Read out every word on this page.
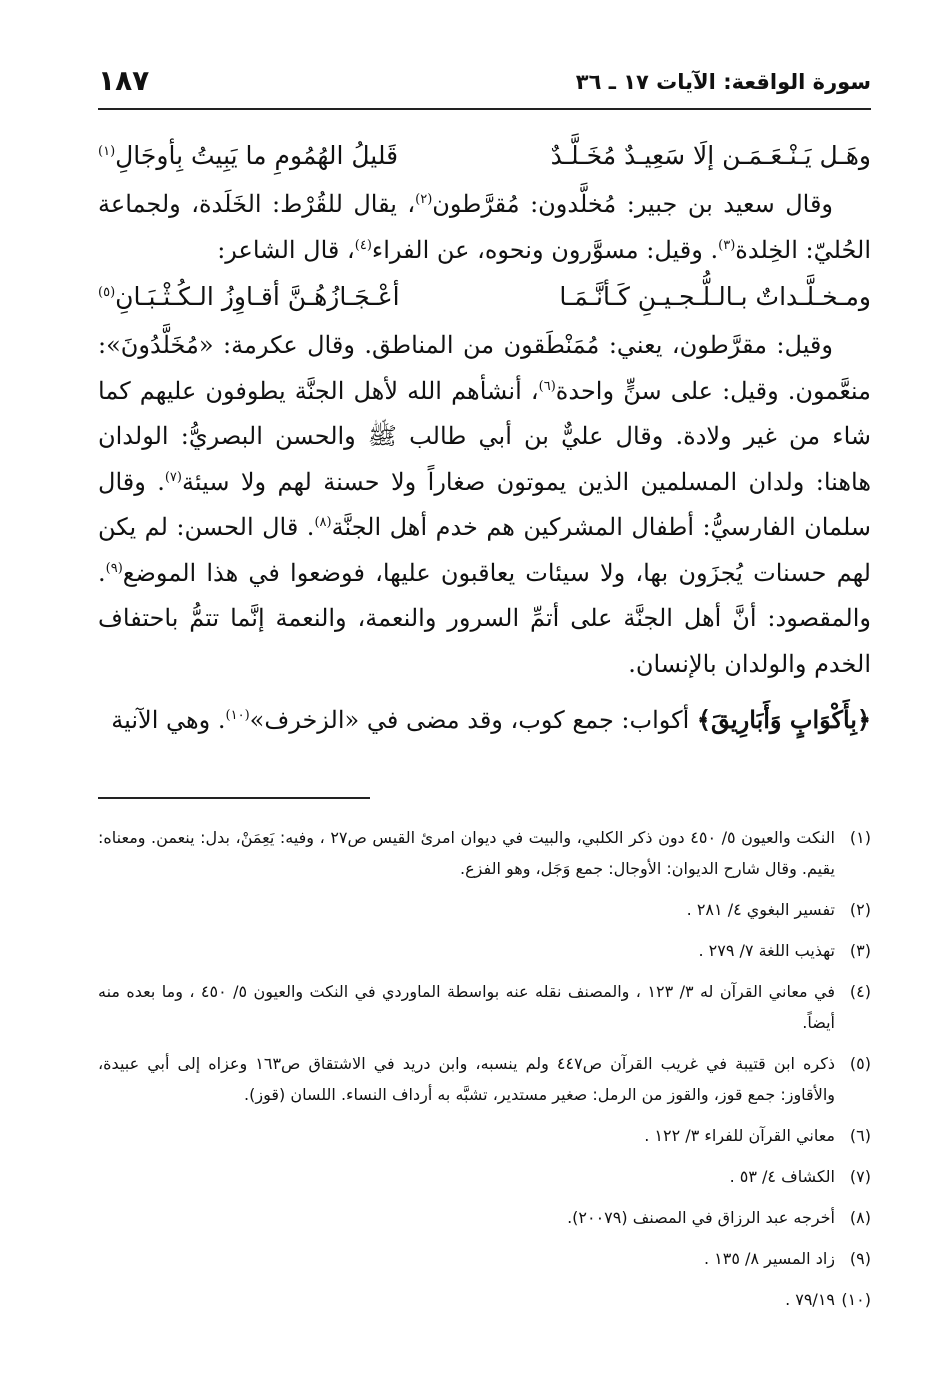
سورة الواقعة: الآيات ١٧ ـ ٣٦
١٨٧
وهَـل يَـنْـعَـمَـن إلَا سَعِيـدٌ مُخَـلَّـدٌ
قَليلُ الهُمُومِ ما يَبِيتُ بِأوجَالِ$^{(١)}$

وقال سعيد بن جبير: مُخلَّدون: مُقرَّطون$^{(٢)}$، يقال للقُرْط: الخَلَدة، ولجماعة الحُليّ: الخِلدة$^{(٣)}$. وقيل: مسوَّرون ونحوه، عن الفراء$^{(٤)}$، قال الشاعر:

ومـخـلَّـداتٌ بـالـلُّـجـيـنِ كَـأنَّـمَـا
أعْـجَـازُهُـنَّ أقـاوِزُ الـكُـثْـبَـانِ$^{(٥)}$

وقيل: مقرَّطون، يعني: مُمَنْطَقون من المناطق. وقال عكرمة: «مُخَلَّدُونَ»: منعَّمون. وقيل: على سنٍّ واحدة$^{(٦)}$، أنشأهم الله لأهل الجنَّة يطوفون عليهم كما شاء من غير ولادة. وقال عليٌّ بن أبي طالب ﷺ والحسن البصريُّ: الولدان هاهنا: ولدان المسلمين الذين يموتون صغاراً ولا حسنة لهم ولا سيئة$^{(٧)}$. وقال سلمان الفارسيُّ: أطفال المشركين هم خدم أهل الجنَّة$^{(٨)}$. قال الحسن: لم يكن لهم حسنات يُجزَون بها، ولا سيئات يعاقبون عليها، فوضعوا في هذا الموضع$^{(٩)}$. والمقصود: أنَّ أهل الجنَّة على أتمِّ السرور والنعمة، والنعمة إنَّما تتمُّ باحتفاف الخدم والولدان بالإنسان.

﴿بِأَكْوَابٍ وَأَبَارِيقَ﴾ أكواب: جمع كوب، وقد مضى في «الزخرف»$^{(١٠)}$. وهي الآنية

(١)
النكت والعيون ٥/ ٤٥٠ دون ذكر الكلبي، والبيت في ديوان امرئ القيس ص٢٧ ، وفيه: يَعِمَنْ، بدل: ينعمن. ومعناه: يقيم. وقال شارح الديوان: الأوجال: جمع وَجَل، وهو الفزع.
(٢)
تفسير البغوي ٤/ ٢٨١ .
(٣)
تهذيب اللغة ٧/ ٢٧٩ .
(٤)
في معاني القرآن له ٣/ ١٢٣ ، والمصنف نقله عنه بواسطة الماوردي في النكت والعيون ٥/ ٤٥٠ ، وما بعده منه أيضاً.
(٥)
ذكره ابن قتيبة في غريب القرآن ص٤٤٧ ولم ينسبه، وابن دريد في الاشتقاق ص١٦٣ وعزاه إلى أبي عبيدة، والأقاوز: جمع قوز، والقوز من الرمل: صغير مستدير، تشبَّه به أرداف النساء. اللسان (قوز).
(٦)
معاني القرآن للفراء ٣/ ١٢٢ .
(٧)
الكشاف ٤/ ٥٣ .
(٨)
أخرجه عبد الرزاق في المصنف (٢٠٠٧٩).
(٩)
زاد المسير ٨/ ١٣٥ .
(١٠)
٧٩/١٩ .
